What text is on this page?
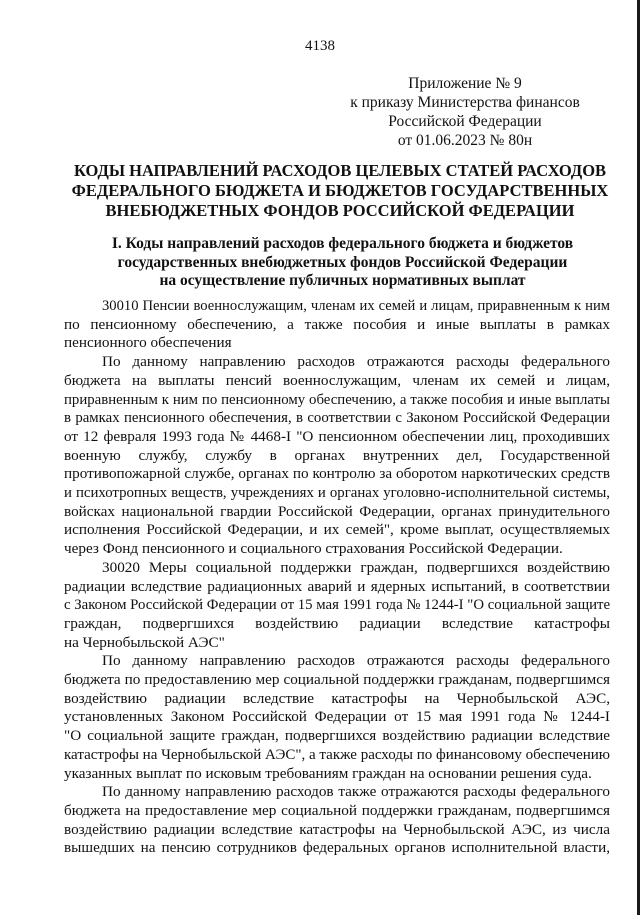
4138
Приложение № 9
к приказу Министерства финансов
Российской Федерации
от 01.06.2023 № 80н
КОДЫ НАПРАВЛЕНИЙ РАСХОДОВ ЦЕЛЕВЫХ СТАТЕЙ РАСХОДОВ
ФЕДЕРАЛЬНОГО БЮДЖЕТА И БЮДЖЕТОВ ГОСУДАРСТВЕННЫХ
ВНЕБЮДЖЕТНЫХ ФОНДОВ РОССИЙСКОЙ ФЕДЕРАЦИИ
I. Коды направлений расходов федерального бюджета и бюджетов
государственных внебюджетных фондов Российской Федерации
на осуществление публичных нормативных выплат

30010 Пенсии военнослужащим, членам их семей и лицам, приравненным к ним
по пенсионному обеспечению, а также пособия и иные выплаты в рамках
пенсионного обеспечения

По данному направлению расходов отражаются расходы федерального
бюджета на выплаты пенсий военнослужащим, членам их семей и лицам,
приравненным к ним по пенсионному обеспечению, а также пособия и иные выплаты
в рамках пенсионного обеспечения, в соответствии с Законом Российской Федерации
от 12 февраля 1993 года № 4468-I "О пенсионном обеспечении лиц, проходивших
военную службу, службу в органах внутренних дел, Государственной
противопожарной службе, органах по контролю за оборотом наркотических средств
и психотропных веществ, учреждениях и органах уголовно-исполнительной системы,
войсках национальной гвардии Российской Федерации, органах принудительного
исполнения Российской Федерации, и их семей", кроме выплат, осуществляемых
через Фонд пенсионного и социального страхования Российской Федерации.

30020 Меры социальной поддержки граждан, подвергшихся воздействию
радиации вследствие радиационных аварий и ядерных испытаний, в соответствии
с Законом Российской Федерации от 15 мая 1991 года № 1244-I "О социальной защите
граждан, подвергшихся воздействию радиации вследствие катастрофы
на Чернобыльской АЭС"

По данному направлению расходов отражаются расходы федерального
бюджета по предоставлению мер социальной поддержки гражданам, подвергшимся
воздействию радиации вследствие катастрофы на Чернобыльской АЭС,
установленных Законом Российской Федерации от 15 мая 1991 года № 1244-I
"О социальной защите граждан, подвергшихся воздействию радиации вследствие
катастрофы на Чернобыльской АЭС", а также расходы по финансовому обеспечению
указанных выплат по исковым требованиям граждан на основании решения суда.

По данному направлению расходов также отражаются расходы федерального
бюджета на предоставление мер социальной поддержки гражданам, подвергшимся
воздействию радиации вследствие катастрофы на Чернобыльской АЭС, из числа
вышедших на пенсию сотрудников федеральных органов исполнительной власти,
